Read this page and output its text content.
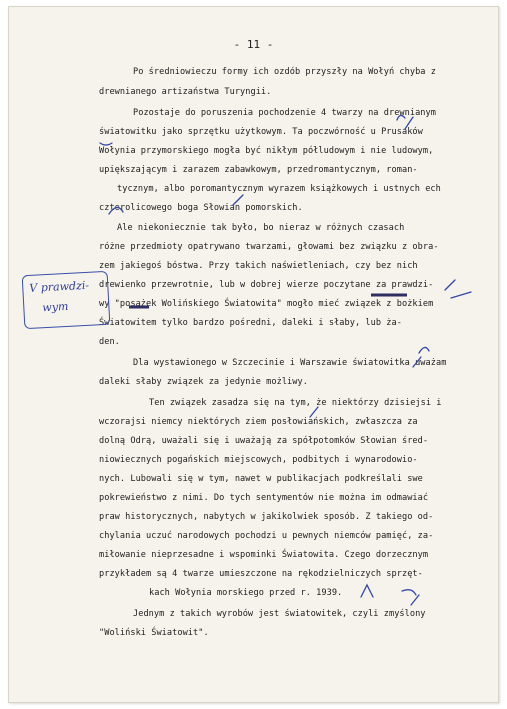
- 11 -
Po średniowieczu formy ich ozdób przyszły na Wołyń chyba z
drewnianego artizaństwa Turyngii.
Pozostaje do poruszenia pochodzenie 4 twarzy na drewnianym
światowitku jako sprzętku użytkowym. Ta poczwórność u Prusaków
Wołynia przymorskiego mogła być nikłym półludowym i nie ludowym,
upiększającym i zarazem zabawkowym, przedromantycznym, roman-
tycznym, albo poromantycznym wyrazem książkowych i ustnych ech
czterolicowego boga Słowian pomorskich.
Ale niekoniecznie tak było, bo nieraz w różnych czasach
różne przedmioty opatrywano twarzami, głowami bez związku z obra-
zem jakiegoś bóstwa. Przy takich naświetleniach, czy bez nich
drewienko przewrotnie, lub w dobrej wierze poczytane za prawdzi-
wy "posążek Wolińskiego Światowita" mogło mieć związek z bożkiem
Światowitem tylko bardzo pośredni, daleki i słaby, lub ża-
den.
Dla wystawionego w Szczecinie i Warszawie światowitka uważam
daleki słaby związek za jedynie możliwy.
Ten związek zasadza się na tym, że niektórzy dzisiejsi i
wczorajsi niemcy niektórych ziem posłowiańskich, zwłaszcza za
dolną Odrą, uważali się i uważają za spółpotomków Słowian śred-
niowiecznych pogańskich miejscowych, podbitych i wynarodowio-
nych. Lubowali się w tym, nawet w publikacjach podkreślali swe
pokrewieństwo z nimi. Do tych sentymentów nie można im odmawiać
praw historycznych, nabytych w jakikolwiek sposób. Z takiego od-
chylania uczuć narodowych pochodzi u pewnych niemców pamięć, za-
miłowanie nieprzesadne i wspominki Światowita. Czego dorzecznym
przykładem są 4 twarze umieszczone na rękodzielniczych sprzęt-
kach Wołynia morskiego przed r. 1939.
Jednym z takich wyrobów jest światowitek, czyli zmyślony
"Woliński Światowit".
V prawdzi-
wym
